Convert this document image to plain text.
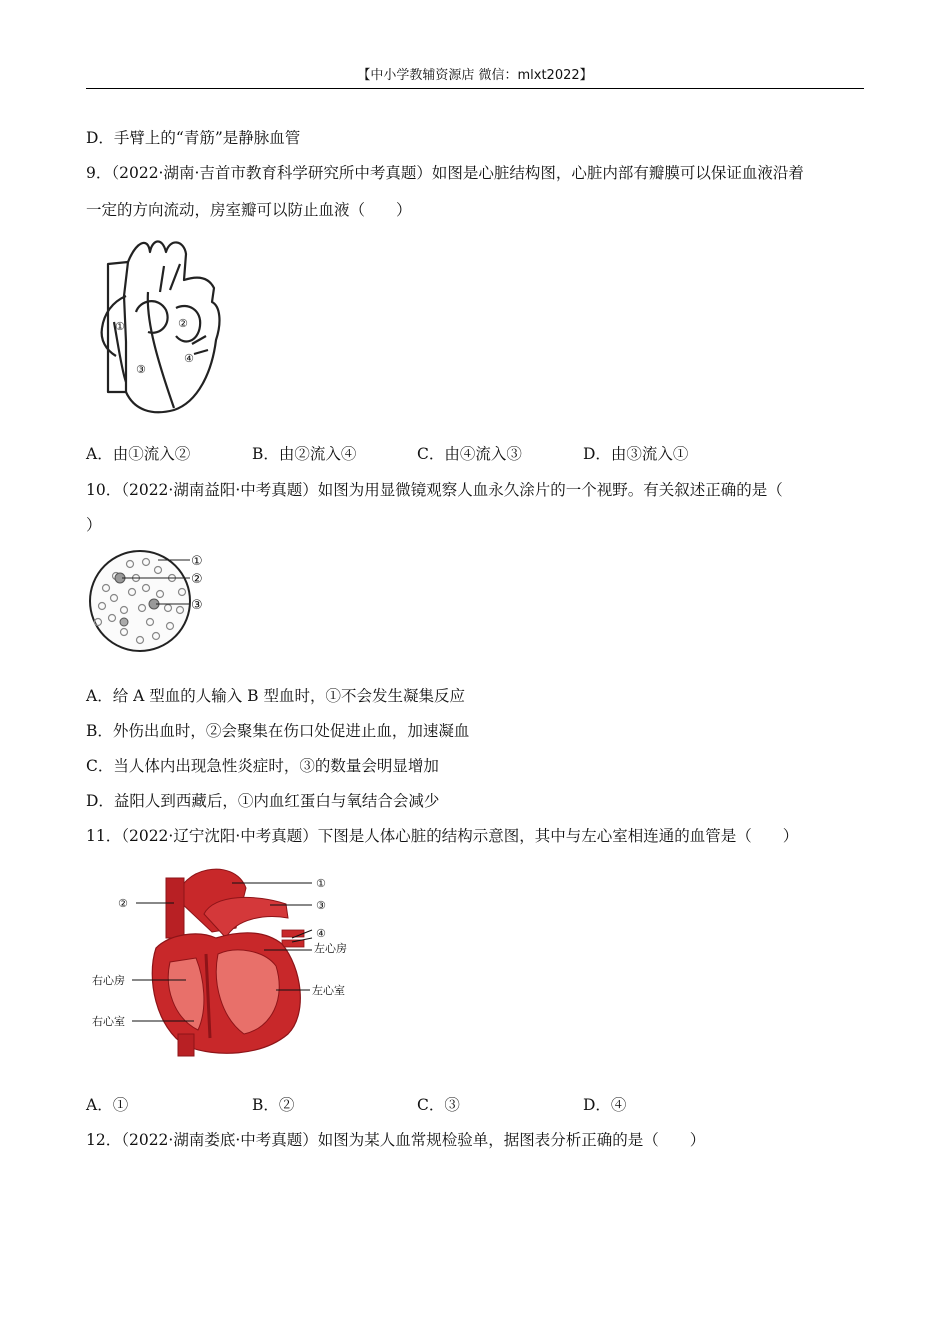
【中小学教辅资源店 微信：mlxt2022】
D．手臂上的“青筋”是静脉血管
9．（2022·湖南·吉首市教育科学研究所中考真题）如图是心脏结构图，心脏内部有瓣膜可以保证血液沿着
一定的方向流动，房室瓣可以防止血液（　　）
①	②
③
④
A．由①流入②	B．由②流入④	C．由④流入③	D．由③流入①
10．（2022·湖南益阳·中考真题）如图为用显微镜观察人血永久涂片的一个视野。有关叙述正确的是（
）
①
②
③
A．给 A 型血的人输入 B 型血时，①不会发生凝集反应
B．外伤出血时，②会聚集在伤口处促进止血，加速凝血
C．当人体内出现急性炎症时，③的数量会明显增加
D．益阳人到西藏后，①内血红蛋白与氧结合会减少
11．（2022·辽宁沈阳·中考真题）下图是人体心脏的结构示意图，其中与左心室相连通的血管是（　　）
②
①
③
④
左心房
右心房
左心室
右心室
A．①	B．②	C．③	D．④
12．（2022·湖南娄底·中考真题）如图为某人血常规检验单，据图表分析正确的是（　　）
